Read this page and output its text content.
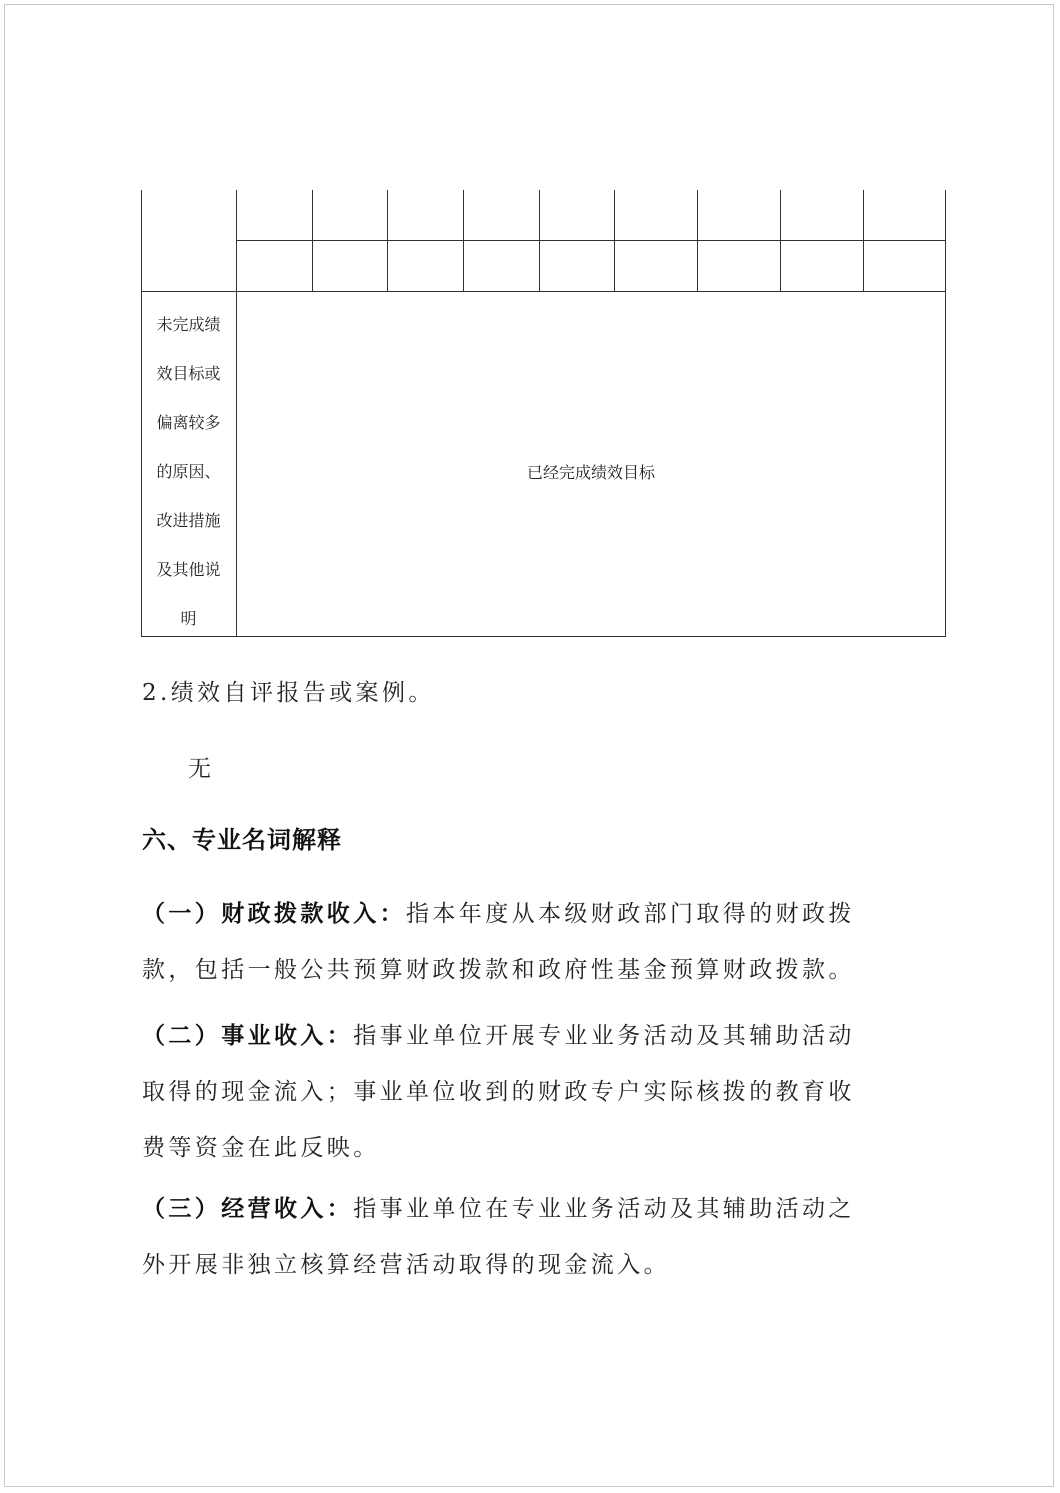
未完成绩
效目标或
偏离较多
的原因、
改进措施
及其他说
明
已经完成绩效目标
2.绩效自评报告或案例。
无
六、专业名词解释
（一）财政拨款收入：指本年度从本级财政部门取得的财政拨
款，包括一般公共预算财政拨款和政府性基金预算财政拨款。
（二）事业收入：指事业单位开展专业业务活动及其辅助活动
取得的现金流入；事业单位收到的财政专户实际核拨的教育收
费等资金在此反映。
（三）经营收入：指事业单位在专业业务活动及其辅助活动之
外开展非独立核算经营活动取得的现金流入。
